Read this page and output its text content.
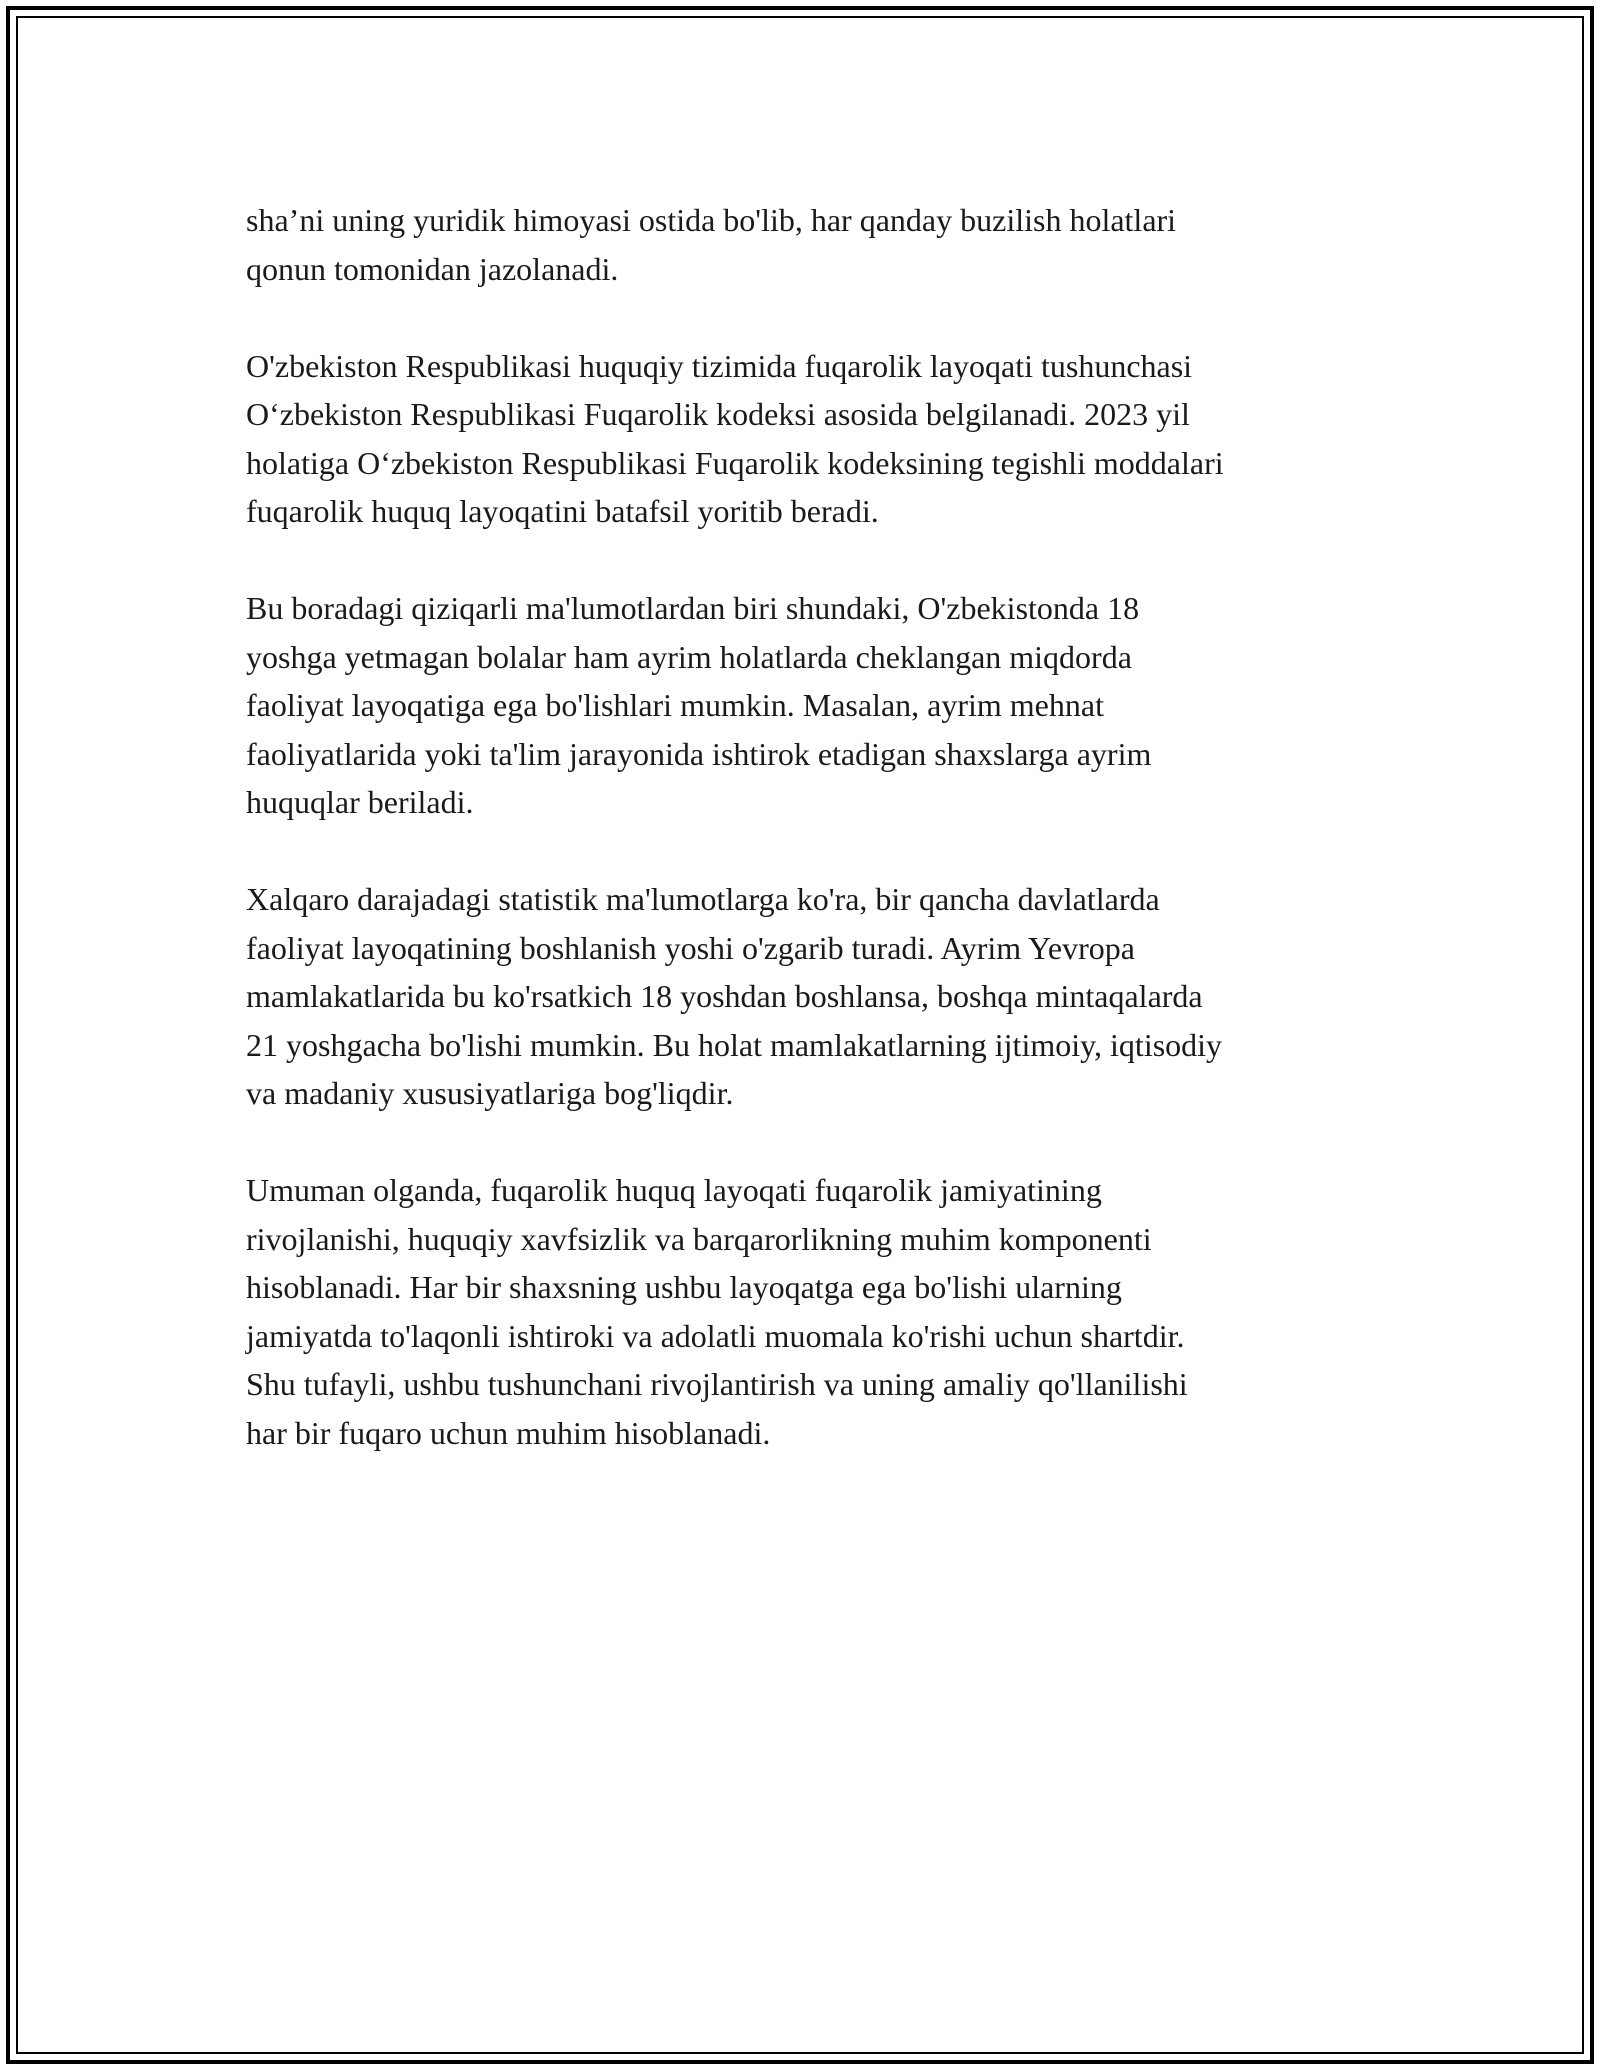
sha’ni uning yuridik himoyasi ostida bo'lib, har qanday buzilish holatlari
qonun tomonidan jazolanadi.

O'zbekiston Respublikasi huquqiy tizimida fuqarolik layoqati tushunchasi
O‘zbekiston Respublikasi Fuqarolik kodeksi asosida belgilanadi. 2023 yil
holatiga O‘zbekiston Respublikasi Fuqarolik kodeksining tegishli moddalari
fuqarolik huquq layoqatini batafsil yoritib beradi.

Bu boradagi qiziqarli ma'lumotlardan biri shundaki, O'zbekistonda 18
yoshga yetmagan bolalar ham ayrim holatlarda cheklangan miqdorda
faoliyat layoqatiga ega bo'lishlari mumkin. Masalan, ayrim mehnat
faoliyatlarida yoki ta'lim jarayonida ishtirok etadigan shaxslarga ayrim
huquqlar beriladi.

Xalqaro darajadagi statistik ma'lumotlarga ko'ra, bir qancha davlatlarda
faoliyat layoqatining boshlanish yoshi o'zgarib turadi. Ayrim Yevropa
mamlakatlarida bu ko'rsatkich 18 yoshdan boshlansa, boshqa mintaqalarda
21 yoshgacha bo'lishi mumkin. Bu holat mamlakatlarning ijtimoiy, iqtisodiy
va madaniy xususiyatlariga bog'liqdir.

Umuman olganda, fuqarolik huquq layoqati fuqarolik jamiyatining
rivojlanishi, huquqiy xavfsizlik va barqarorlikning muhim komponenti
hisoblanadi. Har bir shaxsning ushbu layoqatga ega bo'lishi ularning
jamiyatda to'laqonli ishtiroki va adolatli muomala ko'rishi uchun shartdir.
Shu tufayli, ushbu tushunchani rivojlantirish va uning amaliy qo'llanilishi
har bir fuqaro uchun muhim hisoblanadi.
